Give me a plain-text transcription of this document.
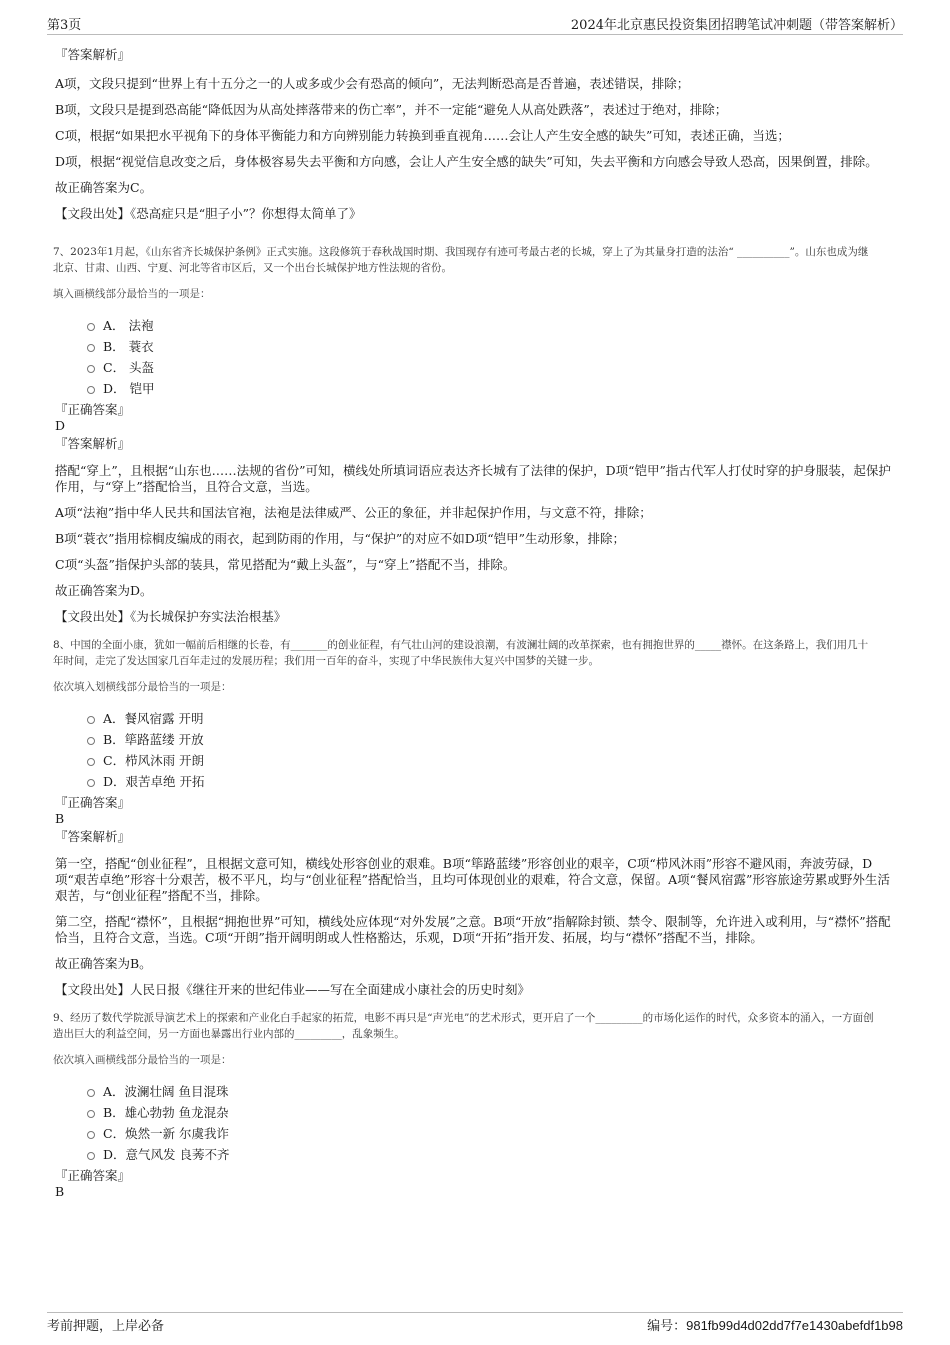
第3页	2024年北京惠民投资集团招聘笔试冲刺题（带答案解析）
『答案解析』

A项，文段只提到“世界上有十五分之一的人或多或少会有恐高的倾向”，无法判断恐高是否普遍，表述错误，排除；

B项，文段只是提到恐高能“降低因为从高处摔落带来的伤亡率”，并不一定能“避免人从高处跌落”，表述过于绝对，排除；

C项，根据“如果把水平视角下的身体平衡能力和方向辨别能力转换到垂直视角……会让人产生安全感的缺失”可知，表述正确，当选；

D项，根据“视觉信息改变之后，身体极容易失去平衡和方向感，会让人产生安全感的缺失”可知，失去平衡和方向感会导致人恐高，因果倒置，排除。

故正确答案为C。

【文段出处】《恐高症只是“胆子小”？你想得太简单了》

7、2023年1月起，《山东省齐长城保护条例》正式实施。这段修筑于春秋战国时期、我国现存有迹可考最古老的长城，穿上了为其量身打造的法治“ __________”。山东也成为继
北京、甘肃、山西、宁夏、河北等省市区后，又一个出台长城保护地方性法规的省份。
填入画横线部分最恰当的一项是：
A． 法袍
B． 蓑衣
C． 头盔
D． 铠甲
『正确答案』
D
『答案解析』

搭配“穿上”，且根据“山东也……法规的省份”可知，横线处所填词语应表达齐长城有了法律的保护，D项“铠甲”指古代军人打仗时穿的护身服装，起保护作用，与“穿上”搭配恰当，且符合文意，当选。

A项“法袍”指中华人民共和国法官袍，法袍是法律威严、公正的象征，并非起保护作用，与文意不符，排除；

B项“蓑衣”指用棕榈皮编成的雨衣，起到防雨的作用，与“保护”的对应不如D项“铠甲”生动形象，排除；

C项“头盔”指保护头部的装具，常见搭配为“戴上头盔”，与“穿上”搭配不当，排除。

故正确答案为D。

【文段出处】《为长城保护夯实法治根基》

8、中国的全面小康，犹如一幅前后相继的长卷，有_______的创业征程，有气壮山河的建设浪潮，有波澜壮阔的改革探索，也有拥抱世界的_____襟怀。在这条路上，我们用几十
年时间，走完了发达国家几百年走过的发展历程；我们用一百年的奋斗，实现了中华民族伟大复兴中国梦的关键一步。
依次填入划横线部分最恰当的一项是：
A．餐风宿露 开明
B．筚路蓝缕 开放
C．栉风沐雨 开朗
D．艰苦卓绝 开拓
『正确答案』
B
『答案解析』

第一空，搭配“创业征程”，且根据文意可知，横线处形容创业的艰难。B项“筚路蓝缕”形容创业的艰辛，C项“栉风沐雨”形容不避风雨，奔波劳碌，D项“艰苦卓绝”形容十分艰苦，极不平凡，均与“创业征程”搭配恰当，且均可体现创业的艰难，符合文意，保留。A项“餐风宿露”形容旅途劳累或野外生活艰苦，与“创业征程”搭配不当，排除。

第二空，搭配“襟怀”，且根据“拥抱世界”可知，横线处应体现“对外发展”之意。B项“开放”指解除封锁、禁令、限制等，允许进入或利用，与“襟怀”搭配恰当，且符合文意，当选。C项“开朗”指开阔明朗或人性格豁达，乐观，D项“开拓”指开发、拓展，均与“襟怀”搭配不当，排除。

故正确答案为B。

【文段出处】人民日报《继往开来的世纪伟业——写在全面建成小康社会的历史时刻》

9、经历了数代学院派导演艺术上的探索和产业化白手起家的拓荒，电影不再只是“声光电”的艺术形式，更开启了一个_________的市场化运作的时代，众多资本的涌入，一方面创
造出巨大的利益空间，另一方面也暴露出行业内部的_________，乱象频生。
依次填入画横线部分最恰当的一项是：
A．波澜壮阔 鱼目混珠
B．雄心勃勃 鱼龙混杂
C．焕然一新 尔虞我诈
D．意气风发 良莠不齐
『正确答案』
B
考前押题，上岸必备	编号：981fb99d4d02dd7f7e1430abefdf1b98
